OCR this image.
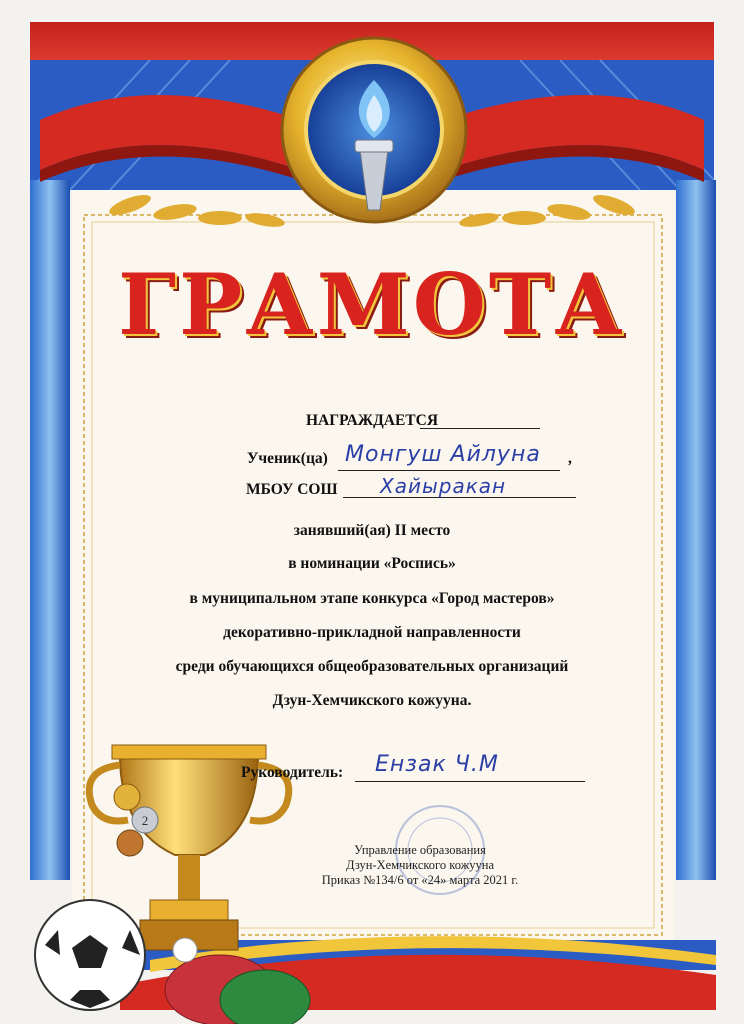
2
ГРАМОТА
НАГРАЖДАЕТСЯ
Ученик(ца) Монгуш Айлуна ,
МБОУ СОШ Хайыракан
занявший(ая) II место
в номинации «Роспись»
в муниципальном этапе конкурса «Город мастеров»
декоративно-прикладной направленности
среди обучающихся общеобразовательных организаций
Дзун-Хемчикского кожууна.
Руководитель: Ензак Ч.М
Управление образования
Дзун-Хемчикского кожууна
Приказ №134/6 от «24» марта 2021 г.
